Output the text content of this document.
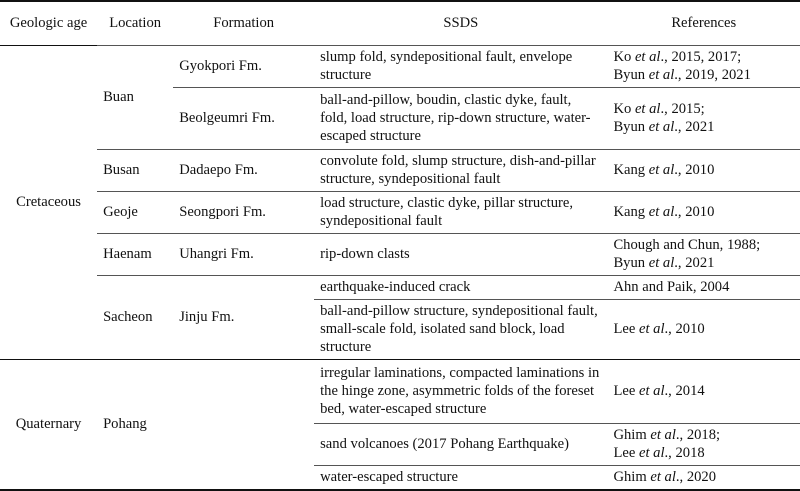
Geologic age	Location	Formation	SSDS	References
Cretaceous	Buan	Gyokpori Fm.	slump fold, syndepositional fault, envelope structure	Ko et al., 2015, 2017;
Byun et al., 2019, 2021

		Beolgeumri Fm.	ball-and-pillow, boudin, clastic dyke, fault, fold, load structure, rip-down structure, water-escaped structure	Ko et al., 2015;
Byun et al., 2021

	Busan	Dadaepo Fm.	convolute fold, slump structure, dish-and-pillar structure, syndepositional fault	Kang et al., 2010

	Geoje	Seongpori Fm.	load structure, clastic dyke, pillar structure, syndepositional fault	Kang et al., 2010

	Haenam	Uhangri Fm.	rip-down clasts	Chough and Chun, 1988;
Byun et al., 2021

	Sacheon	Jinju Fm.	earthquake-induced crack	Ahn and Paik, 2004

			ball-and-pillow structure, syndepositional fault, small-scale fold, isolated sand block, load structure	Lee et al., 2010

Quaternary	Pohang		irregular laminations, compacted laminations in the hinge zone, asymmetric folds of the foreset bed, water-escaped structure	Lee et al., 2014

			sand volcanoes (2017 Pohang Earthquake)	Ghim et al., 2018;
Lee et al., 2018

			water-escaped structure	Ghim et al., 2020
